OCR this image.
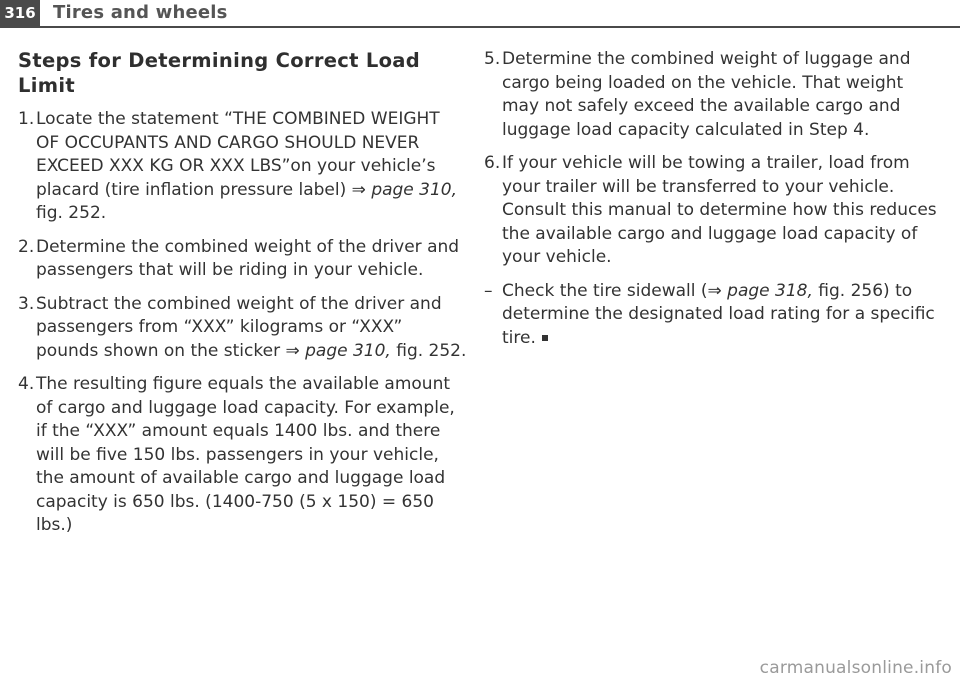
316 Tires and wheels
Steps for Determining Correct Load Limit
1. Locate the statement “THE COMBINED WEIGHT OF OCCUPANTS AND CARGO SHOULD NEVER EXCEED XXX KG OR XXX LBS”on your vehicle’s placard (tire inflation pressure label) ⇒ page 310, fig. 252.
2. Determine the combined weight of the driver and passengers that will be riding in your vehicle.
3. Subtract the combined weight of the driver and passengers from “XXX” kilograms or “XXX” pounds shown on the sticker ⇒ page 310, fig. 252.
4. The resulting figure equals the available amount of cargo and luggage load capacity. For example, if the “XXX” amount equals 1400 lbs. and there will be five 150 lbs. passengers in your vehicle, the amount of available cargo and luggage load capacity is 650 lbs. (1400-750 (5 x 150) = 650 lbs.)
5. Determine the combined weight of luggage and cargo being loaded on the vehicle. That weight may not safely exceed the available cargo and luggage load capacity calculated in Step 4.
6. If your vehicle will be towing a trailer, load from your trailer will be transferred to your vehicle. Consult this manual to determine how this reduces the available cargo and luggage load capacity of your vehicle.
– Check the tire sidewall (⇒ page 318, fig. 256) to determine the designated load rating for a specific tire.
carmanualsonline.info
